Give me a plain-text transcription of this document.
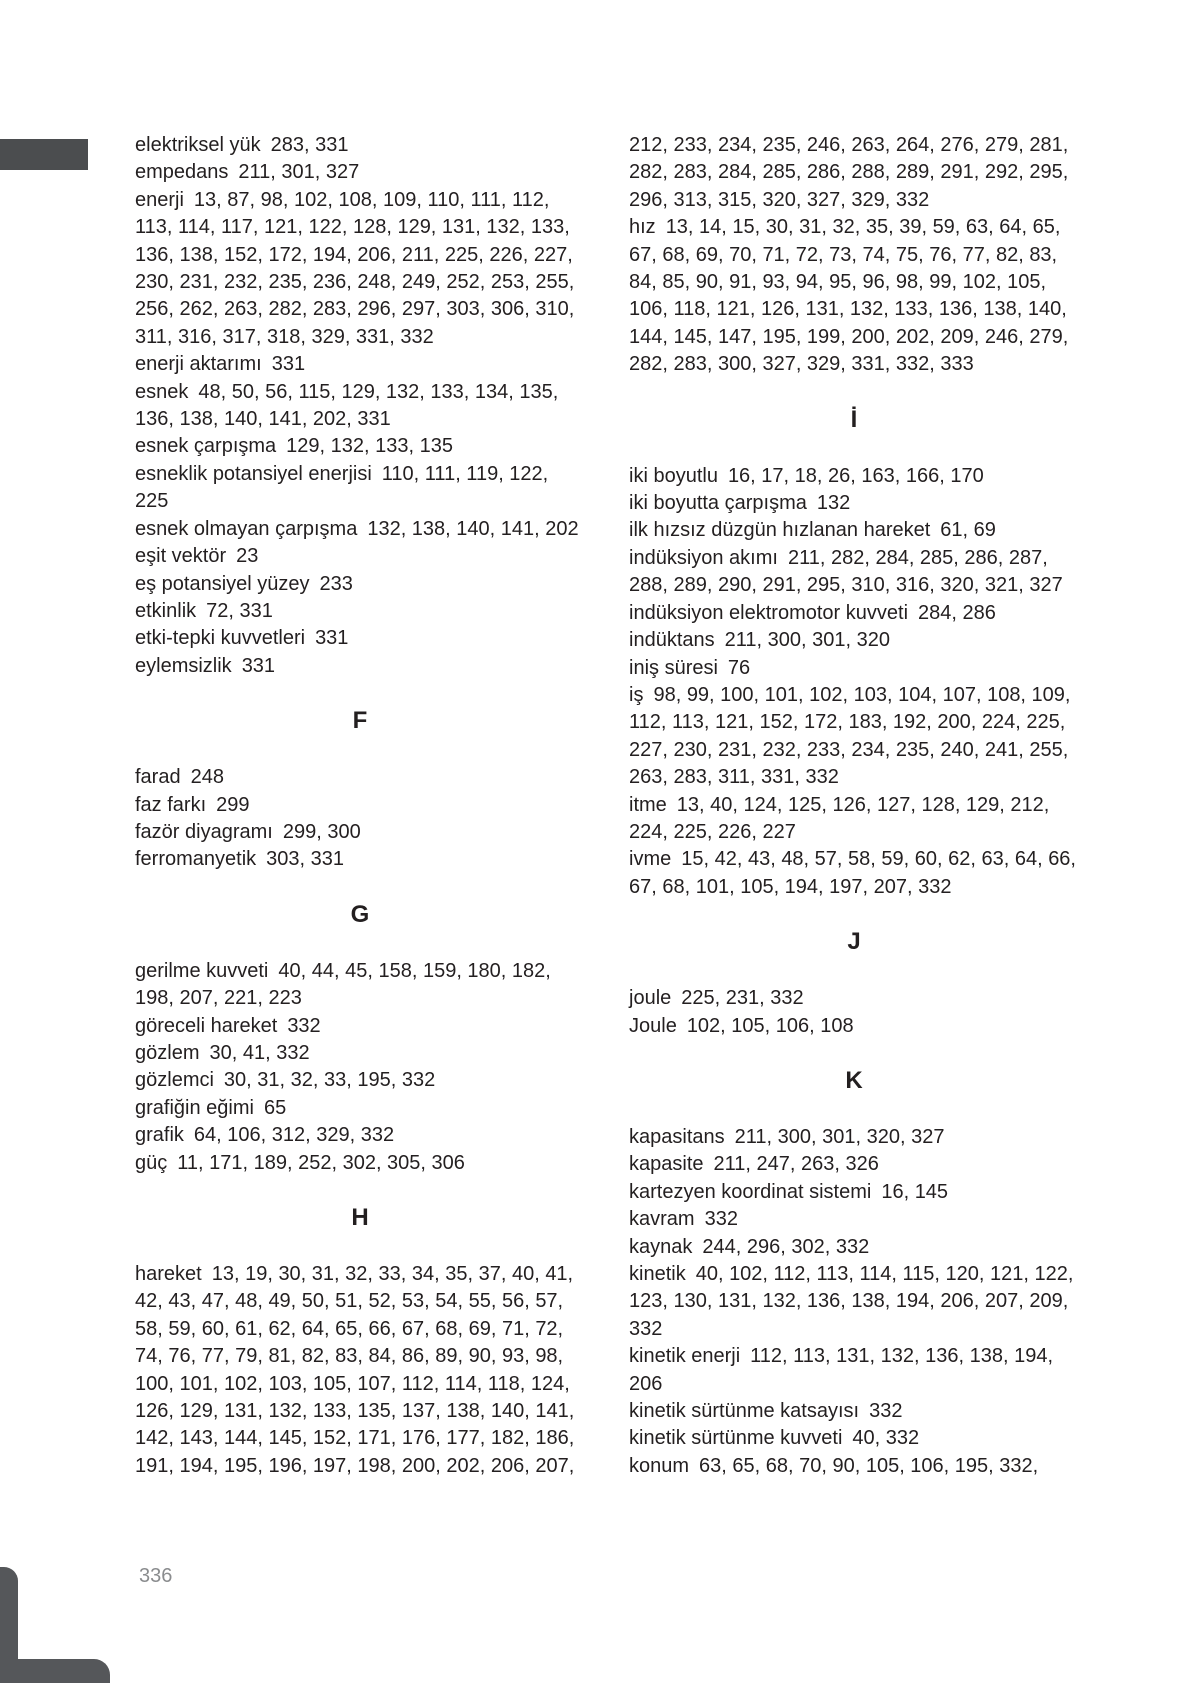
elektriksel yük 283, 331

empedans 211, 301, 327

enerji 13, 87, 98, 102, 108, 109, 110, 111, 112, 113, 114, 117, 121, 122, 128, 129, 131, 132, 133, 136, 138, 152, 172, 194, 206, 211, 225, 226, 227, 230, 231, 232, 235, 236, 248, 249, 252, 253, 255, 256, 262, 263, 282, 283, 296, 297, 303, 306, 310, 311, 316, 317, 318, 329, 331, 332

enerji aktarımı 331

esnek 48, 50, 56, 115, 129, 132, 133, 134, 135, 136, 138, 140, 141, 202, 331

esnek çarpışma 129, 132, 133, 135

esneklik potansiyel enerjisi 110, 111, 119, 122, 225

esnek olmayan çarpışma 132, 138, 140, 141, 202

eşit vektör 23

eş potansiyel yüzey 233

etkinlik 72, 331

etki-tepki kuvvetleri 331

eylemsizlik 331

F

farad 248

faz farkı 299

fazör diyagramı 299, 300

ferromanyetik 303, 331

G

gerilme kuvveti 40, 44, 45, 158, 159, 180, 182, 198, 207, 221, 223

göreceli hareket 332

gözlem 30, 41, 332

gözlemci 30, 31, 32, 33, 195, 332

grafiğin eğimi 65

grafik 64, 106, 312, 329, 332

güç 11, 171, 189, 252, 302, 305, 306

H

hareket 13, 19, 30, 31, 32, 33, 34, 35, 37, 40, 41, 42, 43, 47, 48, 49, 50, 51, 52, 53, 54, 55, 56, 57, 58, 59, 60, 61, 62, 64, 65, 66, 67, 68, 69, 71, 72, 74, 76, 77, 79, 81, 82, 83, 84, 86, 89, 90, 93, 98, 100, 101, 102, 103, 105, 107, 112, 114, 118, 124, 126, 129, 131, 132, 133, 135, 137, 138, 140, 141, 142, 143, 144, 145, 152, 171, 176, 177, 182, 186, 191, 194, 195, 196, 197, 198, 200, 202, 206, 207,

212, 233, 234, 235, 246, 263, 264, 276, 279, 281, 282, 283, 284, 285, 286, 288, 289, 291, 292, 295, 296, 313, 315, 320, 327, 329, 332

hız 13, 14, 15, 30, 31, 32, 35, 39, 59, 63, 64, 65, 67, 68, 69, 70, 71, 72, 73, 74, 75, 76, 77, 82, 83, 84, 85, 90, 91, 93, 94, 95, 96, 98, 99, 102, 105, 106, 118, 121, 126, 131, 132, 133, 136, 138, 140, 144, 145, 147, 195, 199, 200, 202, 209, 246, 279, 282, 283, 300, 327, 329, 331, 332, 333

İ

iki boyutlu 16, 17, 18, 26, 163, 166, 170

iki boyutta çarpışma 132

ilk hızsız düzgün hızlanan hareket 61, 69

indüksiyon akımı 211, 282, 284, 285, 286, 287, 288, 289, 290, 291, 295, 310, 316, 320, 321, 327

indüksiyon elektromotor kuvveti 284, 286

indüktans 211, 300, 301, 320

iniş süresi 76

iş 98, 99, 100, 101, 102, 103, 104, 107, 108, 109, 112, 113, 121, 152, 172, 183, 192, 200, 224, 225, 227, 230, 231, 232, 233, 234, 235, 240, 241, 255, 263, 283, 311, 331, 332

itme 13, 40, 124, 125, 126, 127, 128, 129, 212, 224, 225, 226, 227

ivme 15, 42, 43, 48, 57, 58, 59, 60, 62, 63, 64, 66, 67, 68, 101, 105, 194, 197, 207, 332

J

joule 225, 231, 332

Joule 102, 105, 106, 108

K

kapasitans 211, 300, 301, 320, 327

kapasite 211, 247, 263, 326

kartezyen koordinat sistemi 16, 145

kavram 332

kaynak 244, 296, 302, 332

kinetik 40, 102, 112, 113, 114, 115, 120, 121, 122, 123, 130, 131, 132, 136, 138, 194, 206, 207, 209, 332

kinetik enerji 112, 113, 131, 132, 136, 138, 194, 206

kinetik sürtünme katsayısı 332

kinetik sürtünme kuvveti 40, 332

konum 63, 65, 68, 70, 90, 105, 106, 195, 332,

336
